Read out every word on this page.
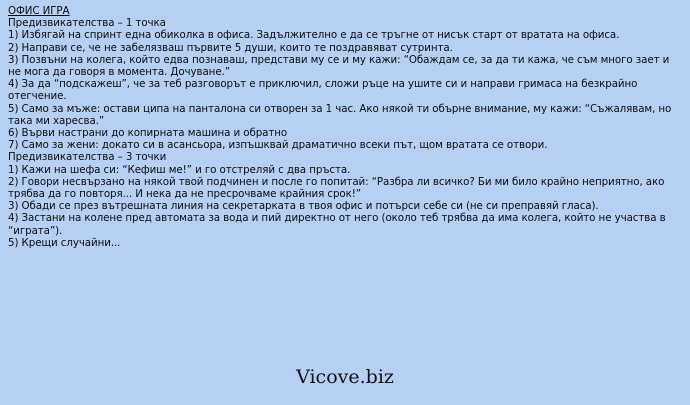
ОФИС ИГРА
Предизвикателства – 1 точка
1) Избягай на спринт една обиколка в офиса. Задължително е да се тръгне от нисък старт от вратата на офиса.
2) Направи се, че не забелязваш първите 5 души, които те поздравяват сутринта.
3) Позвъни на колега, който едва познаваш, представи му се и му кажи: “Обаждам се, за да ти кажа, че съм много зает и не мога да говоря в момента. Дочуване.”
4) За да “подскажеш”, че за теб разговорът е приключил, сложи ръце на ушите си и направи гримаса на безкрайно отегчение.
5) Само за мъже: остави ципа на панталона си отворен за 1 час. Ако някой ти обърне внимание, му кажи: “Съжалявам, но така ми харесва.”
6) Върви настрани до копирната машина и обратно
7) Само за жени: докато си в асансьора, изпъшквай драматично всеки път, щом вратата се отвори.
Предизвикателства – 3 точки
1) Кажи на шефа си: “Кефиш ме!” и го отстреляй с два пръста.
2) Говори несвързано на някой твой подчинен и после го попитай: “Разбра ли всичко? Би ми било крайно неприятно, ако трябва да го повторя... И нека да не пресрочваме крайния срок!”
3) Обади се през вътрешната линия на секретарката в твоя офис и потърси себе си (не си преправяй гласа).
4) Застани на колене пред автомата за вода и пий директно от него (около теб трябва да има колега, който не участва в “играта”).
5) Крещи случайни...
Vicove.biz
